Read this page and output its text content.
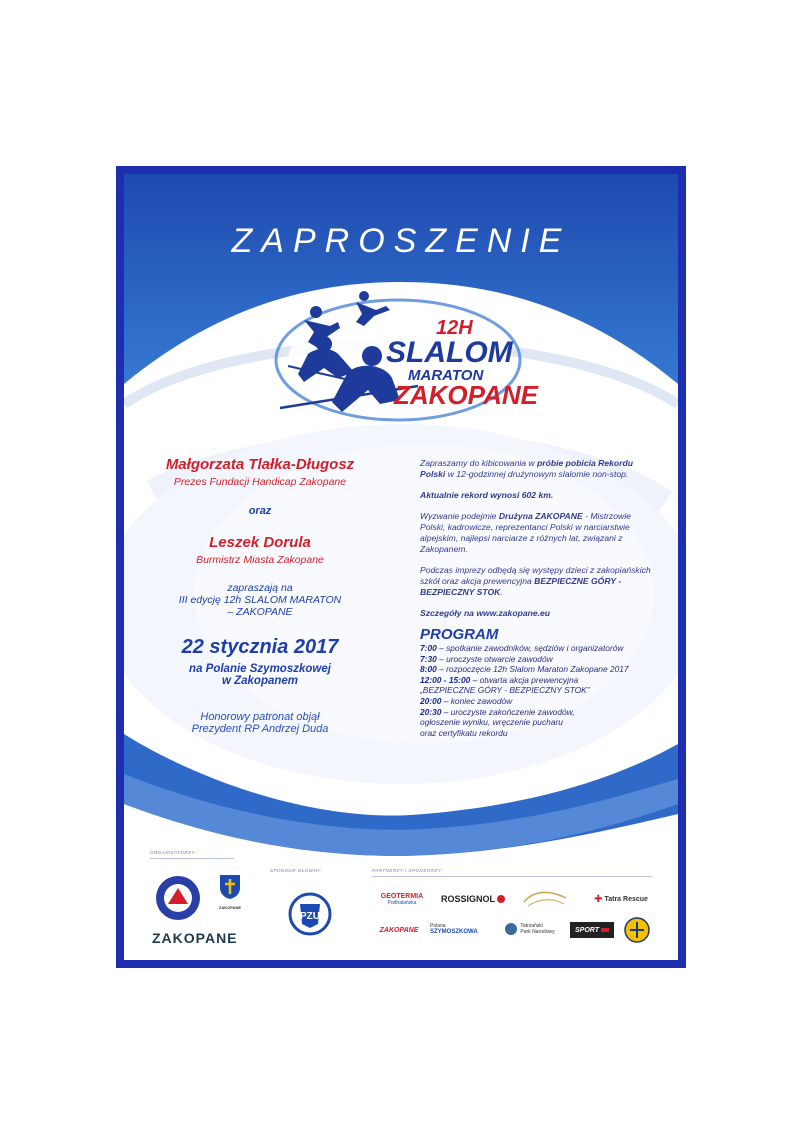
ZAPROSZENIE
12H
SLALOM
MARATON
ZAKOPANE
Małgorzata Tlałka-Długosz
Prezes Fundacji Handicap Zakopane
oraz
Leszek Dorula
Burmistrz Miasta Zakopane
zapraszają na
III edycję 12h SLALOM MARATON
– ZAKOPANE
22 stycznia 2017
na Polanie Szymoszkowej
w Zakopanem
Honorowy patronat objął
Prezydent RP Andrzej Duda

Zapraszamy do kibicowania w próbie pobicia Rekordu Polski w 12-godzinnej drużynowym slalomie non-stop.

Aktualnie rekord wynosi 602 km.

Wyzwanie podejmie Drużyna ZAKOPANE - Mistrzowie Polski, kadrowicze, reprezentanci Polski w narciarstwie alpejskim, najlepsi narciarze z różnych lat, związani z Zakopanem.

Podczas imprezy odbędą się występy dzieci z zakopiańskich szkół oraz akcja prewencyjna BEZPIECZNE GÓRY - BEZPIECZNY STOK.

Szczegóły na www.zakopane.eu

PROGRAM
7:00 – spotkanie zawodników, sędziów i organizatorów
7:30 – uroczyste otwarcie zawodów
8:00 – rozpoczęcie 12h Slalom Maraton Zakopane 2017
12:00 - 15:00 – otwarta akcja prewencyjna
„BEZPIECZNE GÓRY - BEZPIECZNY STOK”
20:00 – koniec zawodów
20:30 – uroczyste zakończenie zawodów,
ogłoszenie wyniku, wręczenie pucharu
oraz certyfikatu rekordu
ORGANIZATORZY:
SPONSOR GŁÓWNY:	PARTNERZY I SPONSORZY:
ZAKOPANE
ZAKOPANE
PZU
GEOTERMIA
Podhalańska	ROSSIGNOL	✚ Tatra Rescue
ZAKOPANE
Polana
SZYMOSZKOWA
Tatrzański
Park Narodowy	SPORT
